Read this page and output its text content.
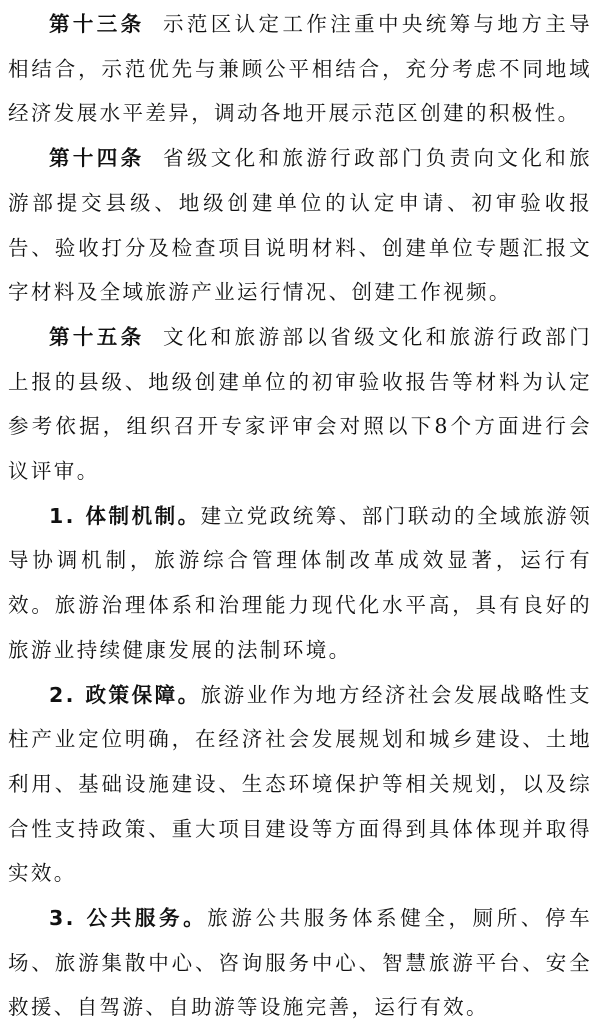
第十三条 示范区认定工作注重中央统筹与地方主导相结合，示范优先与兼顾公平相结合，充分考虑不同地域经济发展水平差异，调动各地开展示范区创建的积极性。

第十四条 省级文化和旅游行政部门负责向文化和旅游部提交县级、地级创建单位的认定申请、初审验收报告、验收打分及检查项目说明材料、创建单位专题汇报文字材料及全域旅游产业运行情况、创建工作视频。

第十五条 文化和旅游部以省级文化和旅游行政部门上报的县级、地级创建单位的初审验收报告等材料为认定参考依据，组织召开专家评审会对照以下8个方面进行会议评审。

1. 体制机制。建立党政统筹、部门联动的全域旅游领导协调机制，旅游综合管理体制改革成效显著，运行有效。旅游治理体系和治理能力现代化水平高，具有良好的旅游业持续健康发展的法制环境。

2. 政策保障。旅游业作为地方经济社会发展战略性支柱产业定位明确，在经济社会发展规划和城乡建设、土地利用、基础设施建设、生态环境保护等相关规划，以及综合性支持政策、重大项目建设等方面得到具体体现并取得实效。

3. 公共服务。旅游公共服务体系健全，厕所、停车场、旅游集散中心、咨询服务中心、智慧旅游平台、安全救援、自驾游、自助游等设施完善，运行有效。
